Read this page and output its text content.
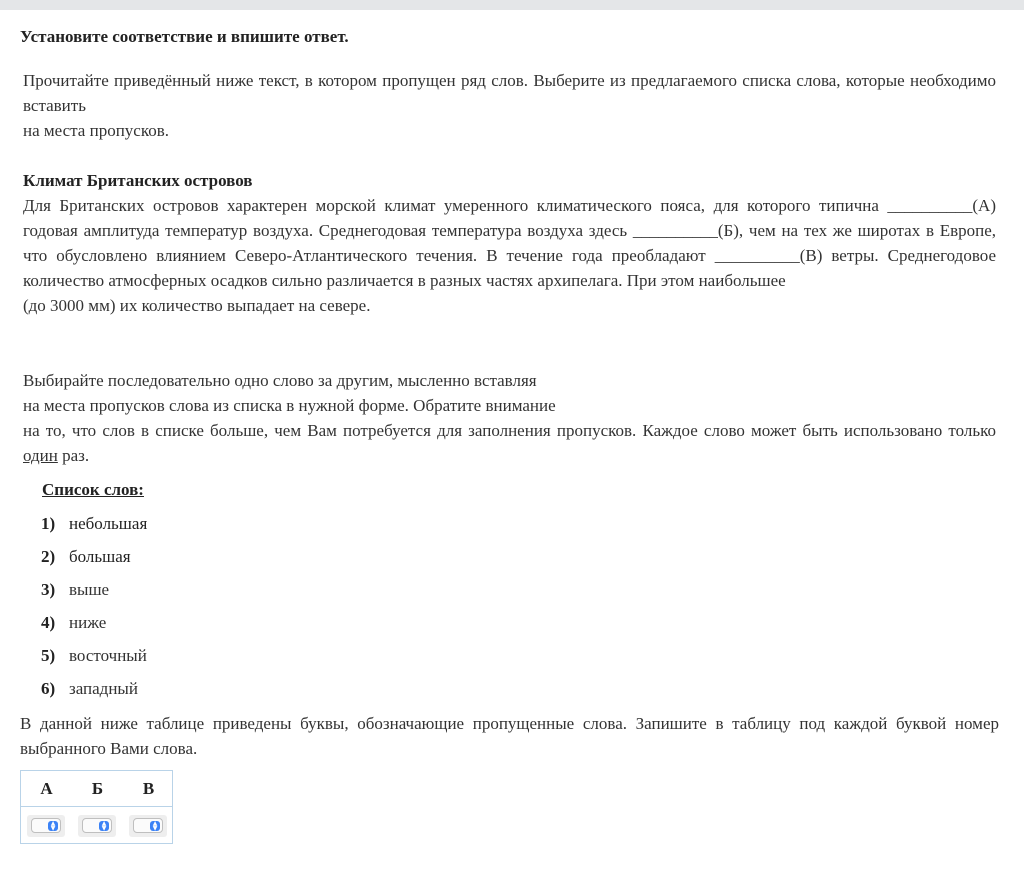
Установите соответствие и впишите ответ.
Прочитайте приведённый ниже текст, в котором пропущен ряд слов. Выберите из предлагаемого списка слова, которые необходимо вставить
на места пропусков.
Климат Британских островов
Для Британских островов характерен морской климат умеренного климатического пояса, для которого типична __________(А) годовая амплитуда температур воздуха. Среднегодовая температура воздуха здесь __________(Б), чем на тех же широтах в Европе, что обусловлено влиянием Северо-Атлантического течения. В течение года преобладают __________(В) ветры. Среднегодовое количество атмосферных осадков сильно различается в разных частях архипелага. При этом наибольшее
(до 3000 мм) их количество выпадает на севере.
Выбирайте последовательно одно слово за другим, мысленно вставляя
на места пропусков слова из списка в нужной форме. Обратите внимание
на то, что слов в списке больше, чем Вам потребуется для заполнения пропусков. Каждое слово может быть использовано только один раз.
Список слов:
1) небольшая
2) большая
3) выше
4) ниже
5) восточный
6) западный
В данной ниже таблице приведены буквы, обозначающие пропущенные слова. Запишите в таблицу под каждой буквой номер выбранного Вами слова.
А	Б	В
▲
▼
▲
▼
▲
▼
